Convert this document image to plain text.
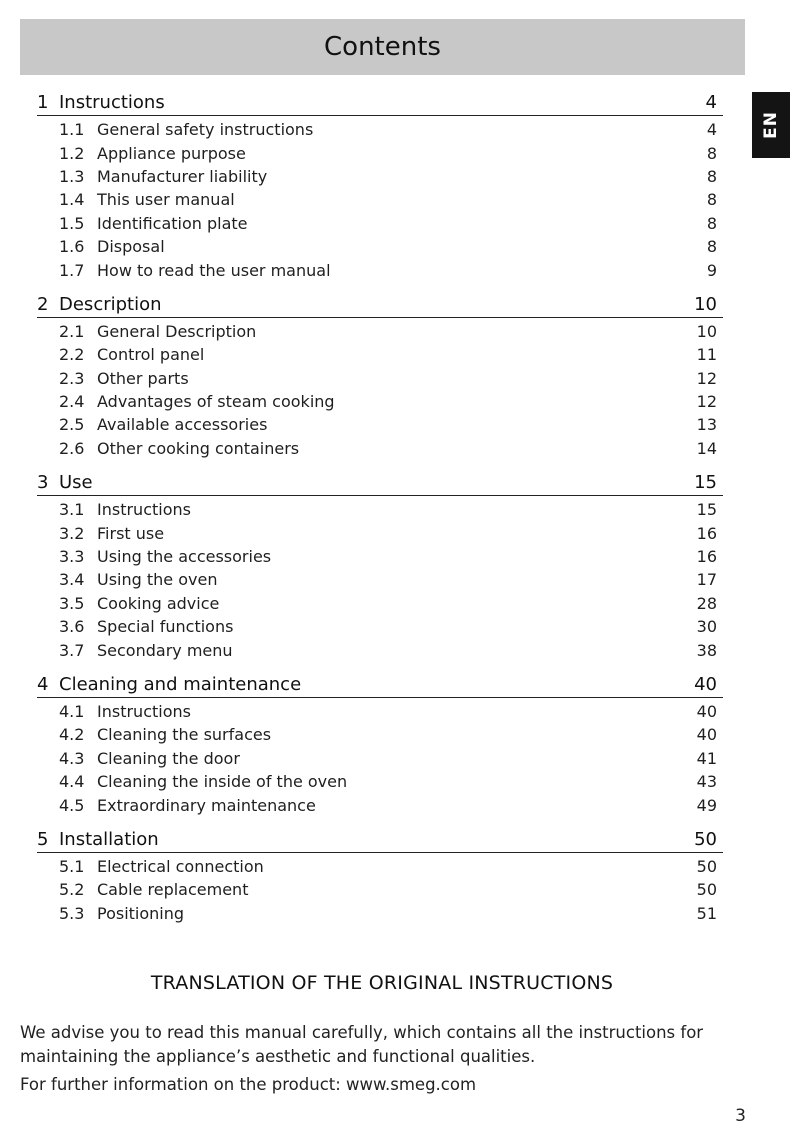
Contents
EN
1 Instructions	4
1.1 General safety instructions	4
1.2 Appliance purpose	8
1.3 Manufacturer liability	8
1.4 This user manual	8
1.5 Identification plate	8
1.6 Disposal	8
1.7 How to read the user manual	9
2 Description	10
2.1 General Description	10
2.2 Control panel	11
2.3 Other parts	12
2.4 Advantages of steam cooking	12
2.5 Available accessories	13
2.6 Other cooking containers	14
3 Use	15
3.1 Instructions	15
3.2 First use	16
3.3 Using the accessories	16
3.4 Using the oven	17
3.5 Cooking advice	28
3.6 Special functions	30
3.7 Secondary menu	38
4 Cleaning and maintenance	40
4.1 Instructions	40
4.2 Cleaning the surfaces	40
4.3 Cleaning the door	41
4.4 Cleaning the inside of the oven	43
4.5 Extraordinary maintenance	49
5 Installation	50
5.1 Electrical connection	50
5.2 Cable replacement	50
5.3 Positioning	51
TRANSLATION OF THE ORIGINAL INSTRUCTIONS
We advise you to read this manual carefully, which contains all the instructions for maintaining the appliance’s aesthetic and functional qualities.
For further information on the product: www.smeg.com
3
